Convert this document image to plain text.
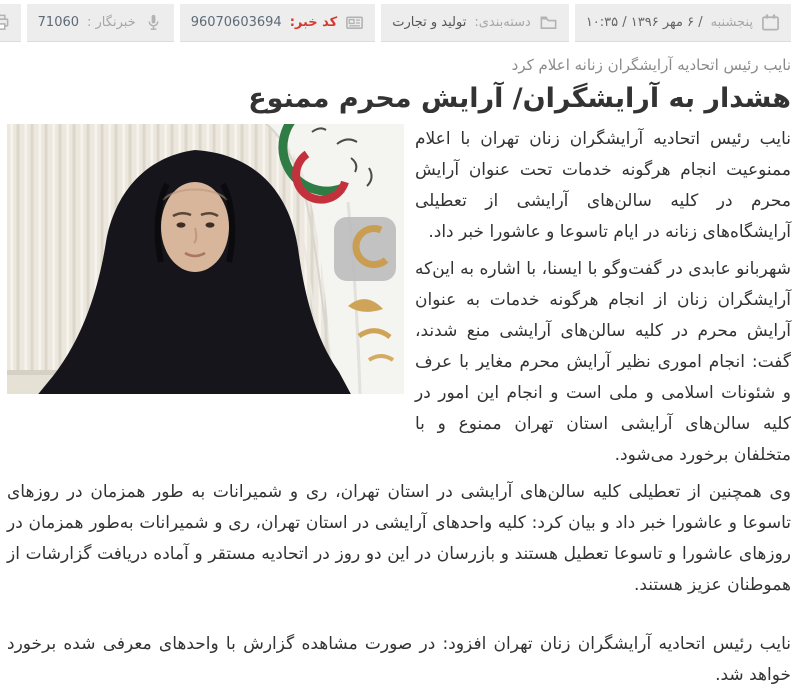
پنجشنبه
/ ۶ مهر ۱۳۹۶ / ۱۰:۳۵
دسته‌بندی:
تولید و تجارت
کد خبر:
96070603694
خبرنگار :
71060
نایب رئیس اتحادیه آرایشگران زنانه اعلام کرد
هشدار به آرایشگران/ آرایش محرم ممنوع

نایب رئیس اتحادیه آرایشگران زنان تهران با اعلام ممنوعیت انجام هرگونه خدمات تحت عنوان آرایش محرم در کلیه سالن‌های آرایشی از تعطیلی آرایشگاه‌های زنانه در ایام تاسوعا و عاشورا خبر داد.

شهربانو عابدی در گفت‌وگو با ایسنا، با اشاره به این‌که آرایشگران زنان از انجام هرگونه خدمات به عنوان آرایش محرم در کلیه سالن‌های آرایشی منع شدند، گفت: انجام اموری نظیر آرایش محرم مغایر با عرف و شئونات اسلامی و ملی است و انجام این امور در کلیه سالن‌های آرایشی استان تهران ممنوع و با متخلفان برخورد می‌شود.

وی همچنین از تعطیلی کلیه سالن‌های آرایشی در استان تهران، ری و شمیرانات به طور همزمان در روزهای تاسوعا و عاشورا خبر داد و بیان کرد: کلیه واحدهای آرایشی در استان تهران، ری و شمیرانات به‌طور همزمان در روزهای عاشورا و تاسوعا تعطیل هستند و بازرسان در این دو روز در اتحادیه مستقر و آماده دریافت گزارشات از هموطنان عزیز هستند.

نایب رئیس اتحادیه آرایشگران زنان تهران افزود: در صورت مشاهده گزارش با واحدهای معرفی شده برخورد خواهد شد.
